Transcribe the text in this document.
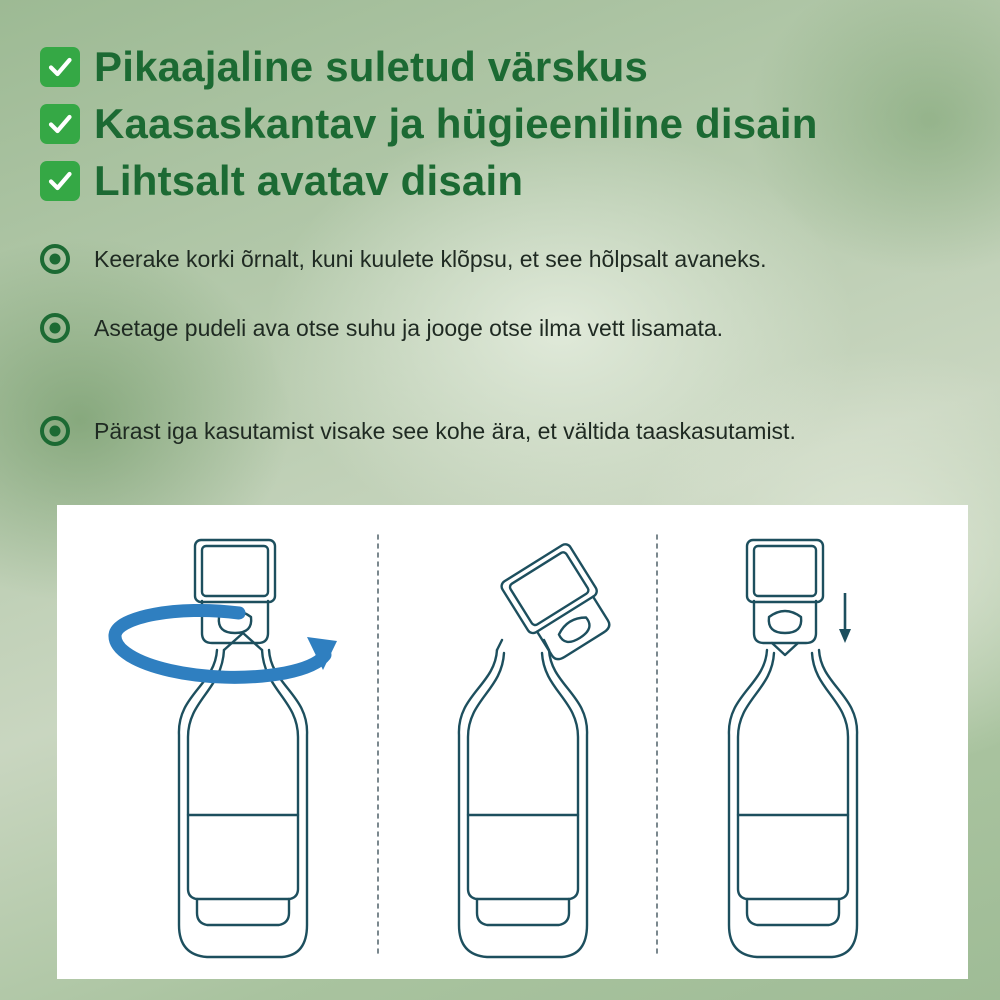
Pikaajaline suletud värskus
Kaasaskantav ja hügieeniline disain
Lihtsalt avatav disain
Keerake korki õrnalt, kuni kuulete klõpsu, et see hõlpsalt avaneks.
Asetage pudeli ava otse suhu ja jooge otse ilma vett lisamata.
Pärast iga kasutamist visake see kohe ära, et vältida taaskasutamist.
